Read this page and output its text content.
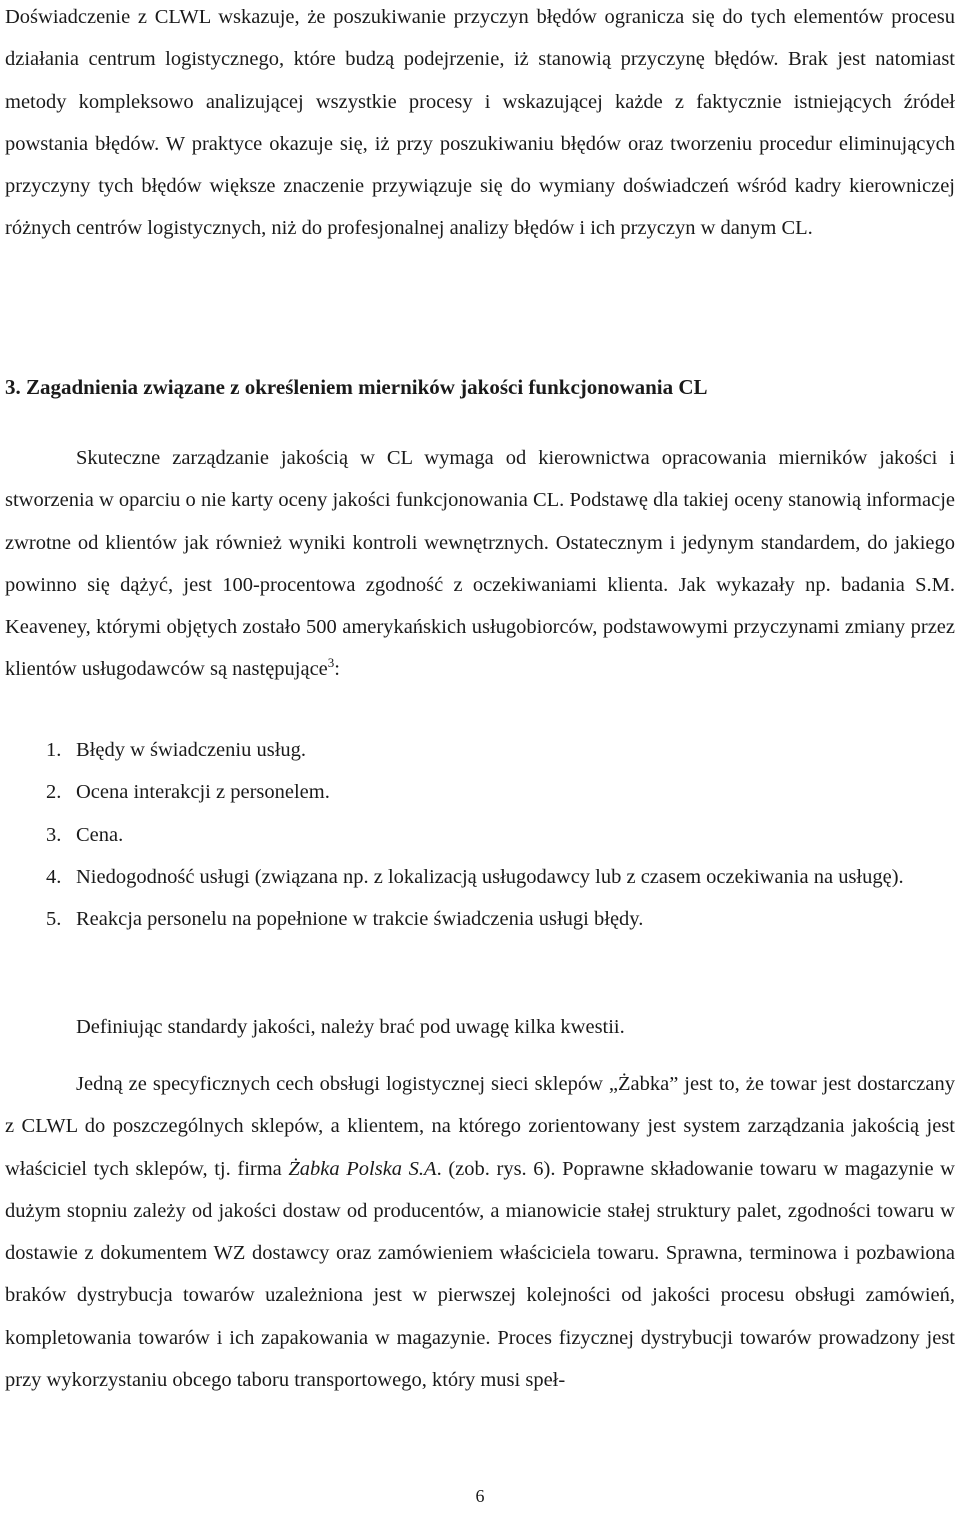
Doświadczenie z CLWL wskazuje, że poszukiwanie przyczyn błędów ogranicza się do tych elementów procesu działania centrum logistycznego, które budzą podejrzenie, iż stanowią przyczynę błędów. Brak jest natomiast metody kompleksowo analizującej wszystkie procesy i wskazującej każde z faktycznie istniejących źródeł powstania błędów. W praktyce okazuje się, iż przy poszukiwaniu błędów oraz tworzeniu procedur eliminujących przyczyny tych błędów większe znaczenie przywiązuje się do wymiany doświadczeń wśród kadry kierowniczej różnych centrów logistycznych, niż do profesjonalnej analizy błędów i ich przyczyn w danym CL.

3. Zagadnienia związane z określeniem mierników jakości funkcjonowania CL

Skuteczne zarządzanie jakością w CL wymaga od kierownictwa opracowania mierników jakości i stworzenia w oparciu o nie karty oceny jakości funkcjonowania CL. Podstawę dla takiej oceny stanowią informacje zwrotne od klientów jak również wyniki kontroli wewnętrznych. Ostatecznym i jedynym standardem, do jakiego powinno się dążyć, jest 100-procentowa zgodność z oczekiwaniami klienta. Jak wykazały np. badania S.M. Keaveney, którymi objętych zostało 500 amerykańskich usługobiorców, podstawowymi przyczynami zmiany przez klientów usługodawców są następujące$^3$:

1. Błędy w świadczeniu usług.
2. Ocena interakcji z personelem.
3. Cena.
4. Niedogodność usługi (związana np. z lokalizacją usługodawcy lub z czasem oczekiwania na usługę).
5. Reakcja personelu na popełnione w trakcie świadczenia usługi błędy.

Definiując standardy jakości, należy brać pod uwagę kilka kwestii.

Jedną ze specyficznych cech obsługi logistycznej sieci sklepów „Żabka” jest to, że towar jest dostarczany z CLWL do poszczególnych sklepów, a klientem, na którego zorientowany jest system zarządzania jakością jest właściciel tych sklepów, tj. firma Żabka Polska S.A. (zob. rys. 6). Poprawne składowanie towaru w magazynie w dużym stopniu zależy od jakości dostaw od producentów, a mianowicie stałej struktury palet, zgodności towaru w dostawie z dokumentem WZ dostawcy oraz zamówieniem właściciela towaru. Sprawna, terminowa i pozbawiona braków dystrybucja towarów uzależniona jest w pierwszej kolejności od jakości procesu obsługi zamówień, kompletowania towarów i ich zapakowania w magazynie. Proces fizycznej dystrybucji towarów prowadzony jest przy wykorzystaniu obcego taboru transportowego, który musi speł-

6
